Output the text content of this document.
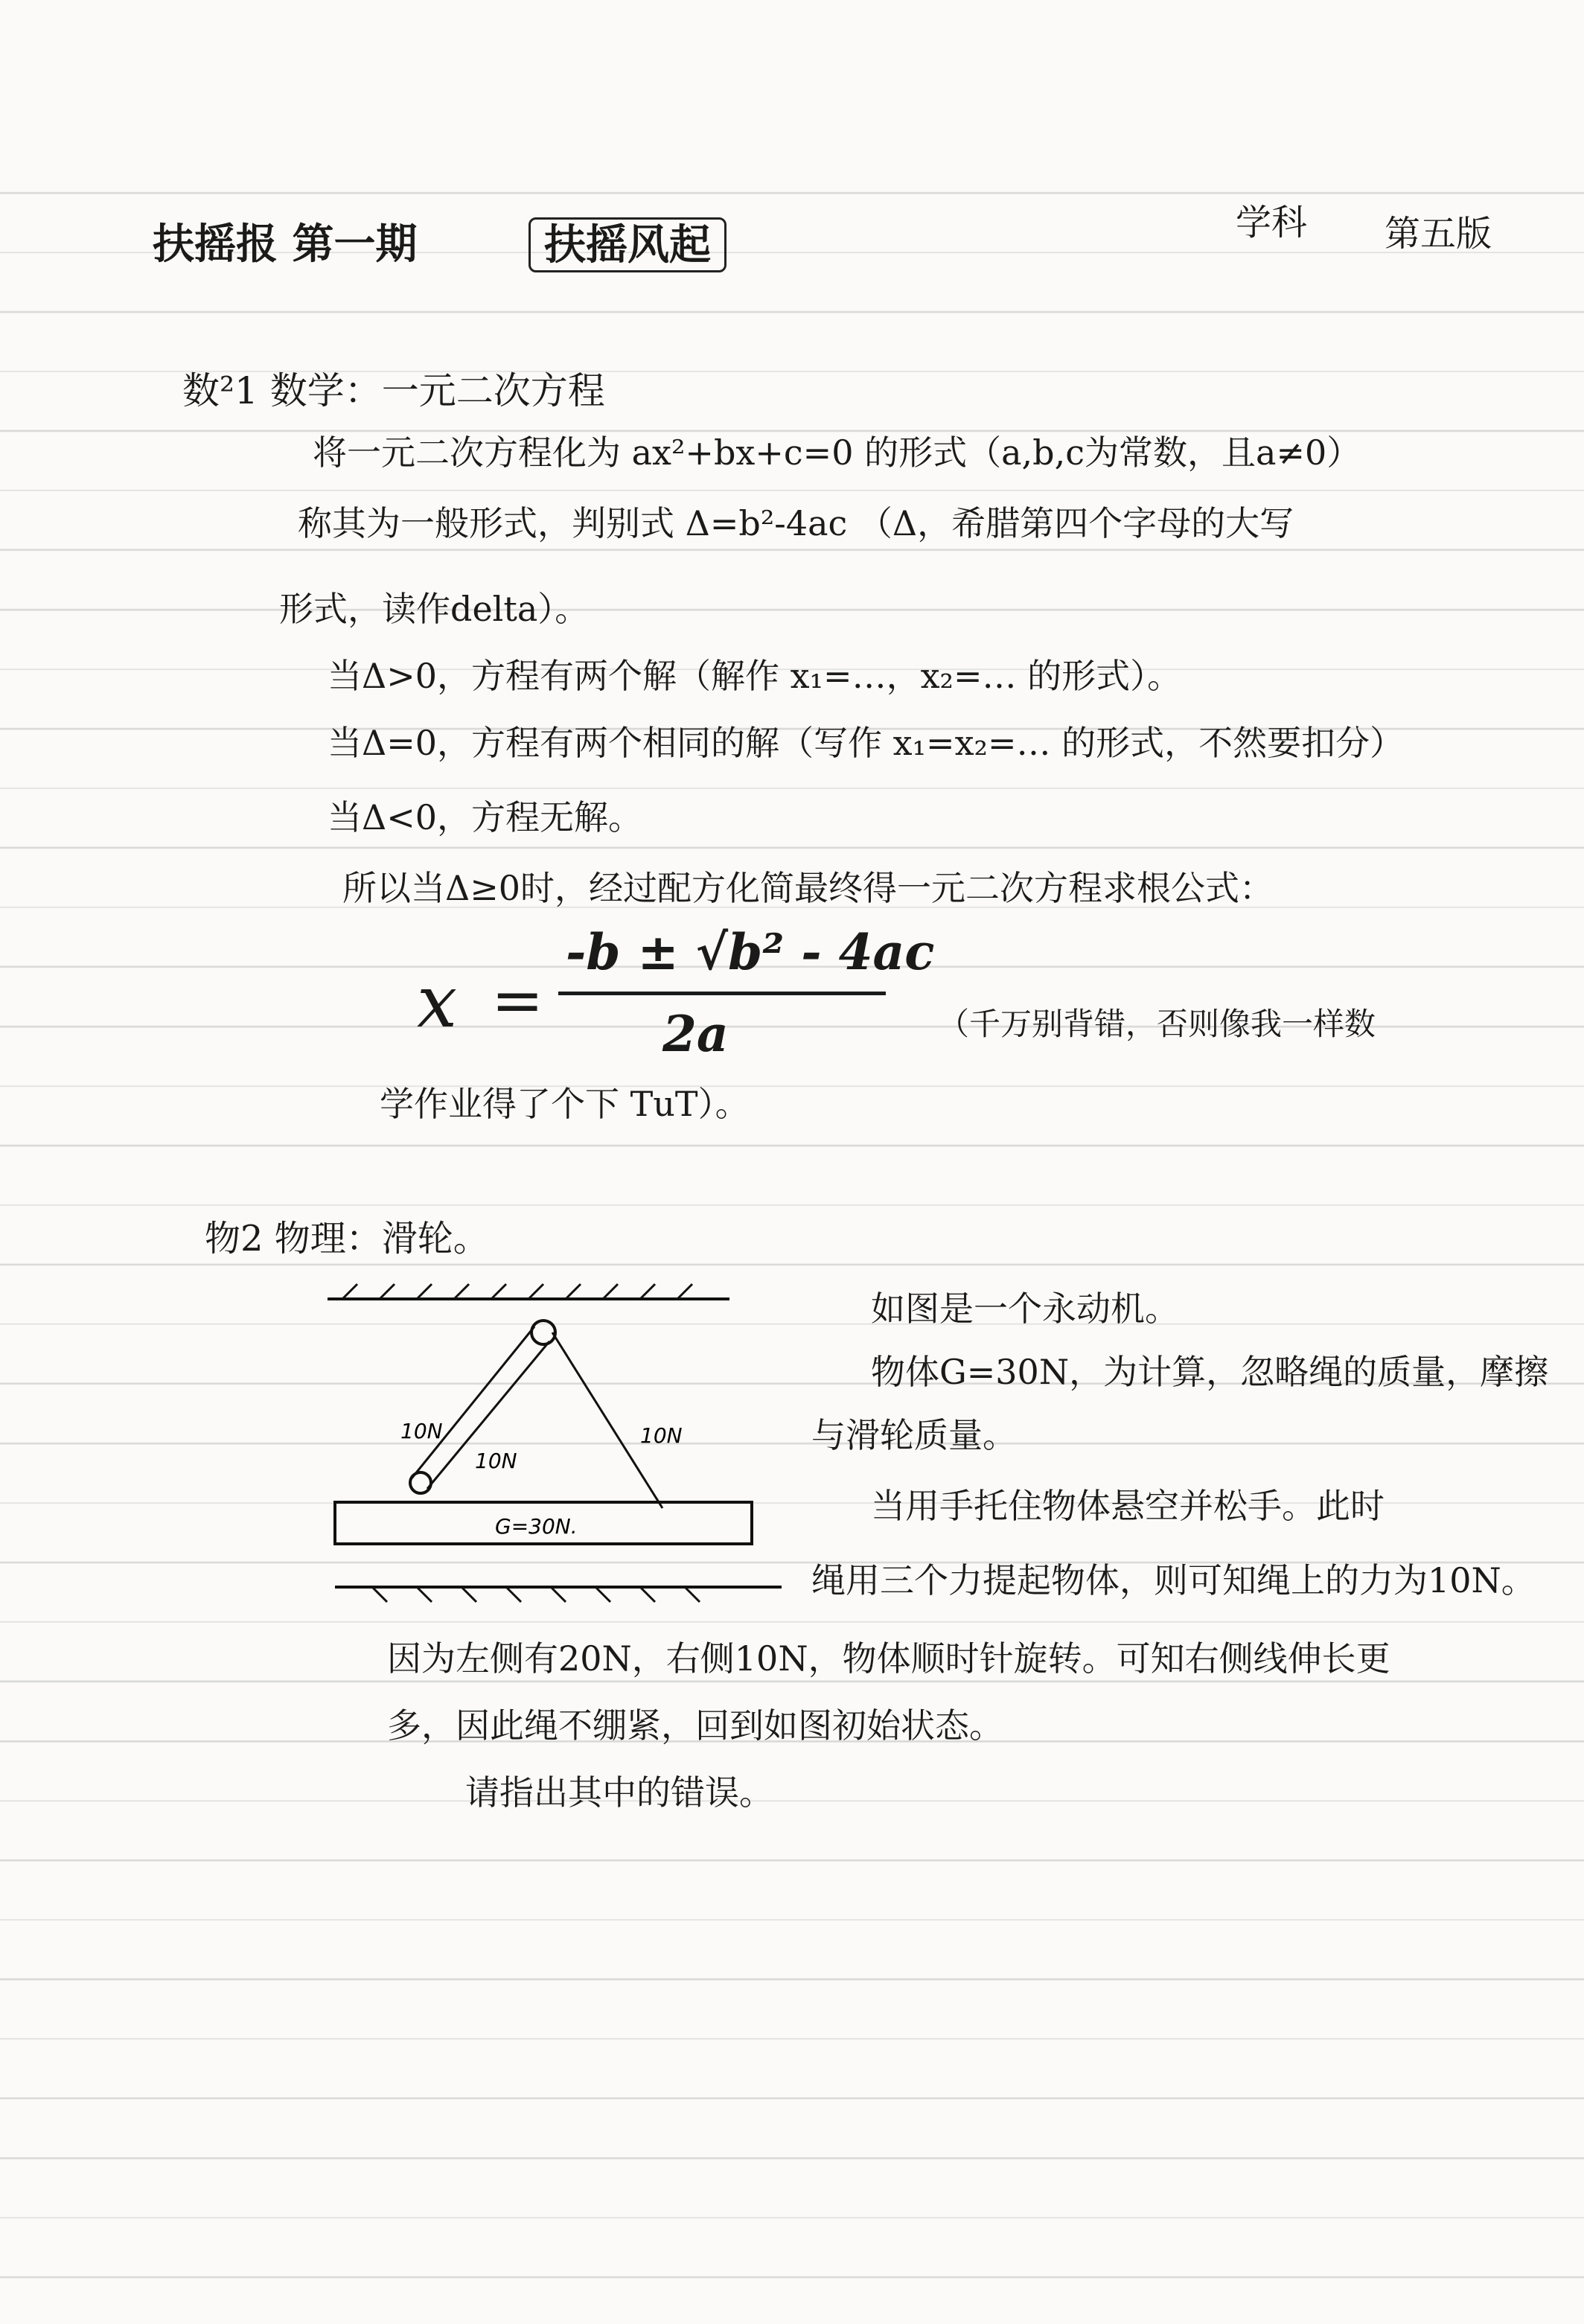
扶摇报 第一期	扶摇风起	学科 第五版
数²1 数学：一元二次方程
将一元二次方程化为 ax²+bx+c=0 的形式（a,b,c为常数，且a≠0）
称其为一般形式，判别式 Δ=b²-4ac （Δ，希腊第四个字母的大写
形式，读作delta）。
当Δ>0，方程有两个解（解作 x₁=…，x₂=… 的形式）。
当Δ=0，方程有两个相同的解（写作 x₁=x₂=… 的形式，不然要扣分）
当Δ<0，方程无解。
所以当Δ≥0时，经过配方化简最终得一元二次方程求根公式：
x =
-b ± √b² - 4ac
2a	（千万别背错，否则像我一样数
学作业得了个下 TuT）。
物2 物理：滑轮。
10N
10N
10N
G=30N.
如图是一个永动机。
物体G=30N，为计算，忽略绳的质量，摩擦
与滑轮质量。
当用手托住物体悬空并松手。此时
绳用三个力提起物体，则可知绳上的力为10N。
因为左侧有20N，右侧10N，物体顺时针旋转。可知右侧线伸长更
多，因此绳不绷紧，回到如图初始状态。
请指出其中的错误。
